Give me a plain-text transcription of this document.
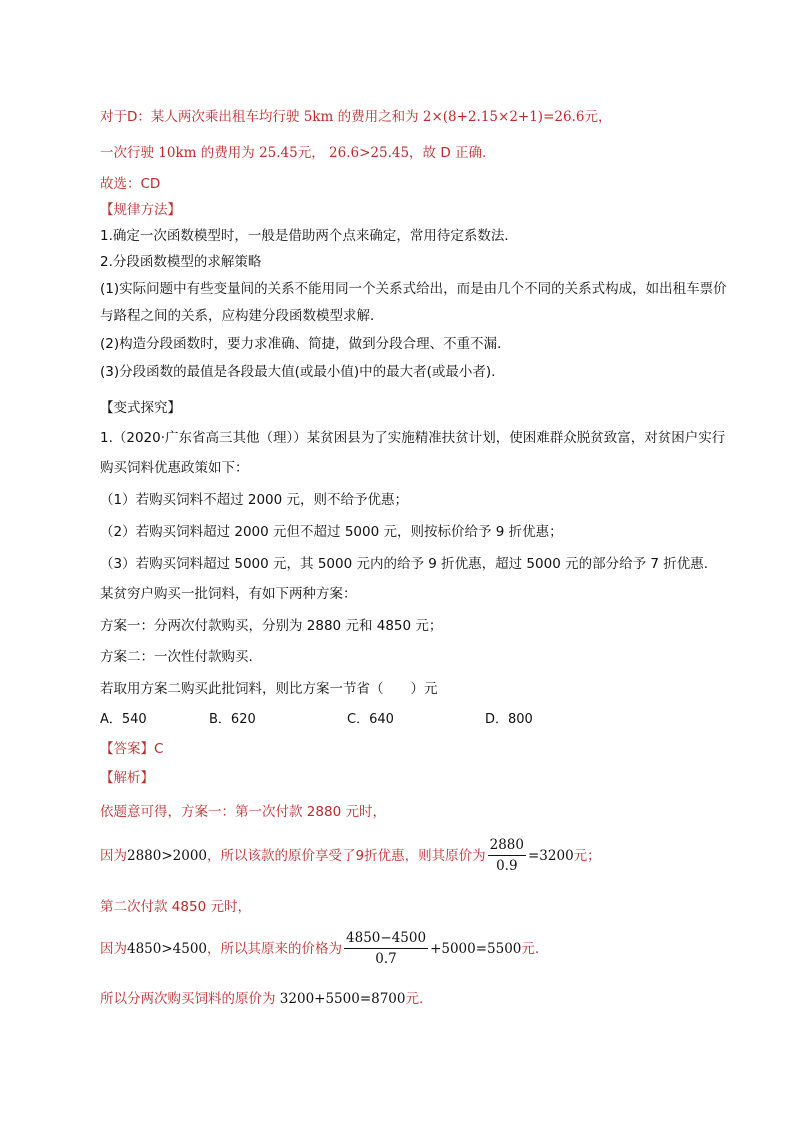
对于D：某人两次乘出租车均行驶 5km 的费用之和为 2×(8+2.15×2+1)=26.6元，
一次行驶 10km 的费用为 25.45元， 26.6>25.45，故 D 正确.
故选：CD
【规律方法】
1.确定一次函数模型时，一般是借助两个点来确定，常用待定系数法．
2.分段函数模型的求解策略
(1)实际问题中有些变量间的关系不能用同一个关系式给出，而是由几个不同的关系式构成，如出租车票价
与路程之间的关系，应构建分段函数模型求解．
(2)构造分段函数时，要力求准确、简捷，做到分段合理、不重不漏．
(3)分段函数的最值是各段最大值(或最小值)中的最大者(或最小者)．
【变式探究】
1.（2020·广东省高三其他（理））某贫困县为了实施精准扶贫计划，使困难群众脱贫致富，对贫困户实行
购买饲料优惠政策如下：
（1）若购买饲料不超过 2000 元，则不给予优惠；
（2）若购买饲料超过 2000 元但不超过 5000 元，则按标价给予 9 折优惠；
（3）若购买饲料超过 5000 元，其 5000 元内的给予 9 折优惠，超过 5000 元的部分给予 7 折优惠.
某贫穷户购买一批饲料，有如下两种方案：
方案一：分两次付款购买，分别为 2880 元和 4850 元；
方案二：一次性付款购买.
若取用方案二购买此批饲料，则比方案一节省（　　）元
A．540	B．620	C．640	D．800
【答案】C
【解析】
依题意可得，方案一：第一次付款 2880 元时，
因为 2880>2000 ，所以该款的原价享受了 9 折优惠，则其原价为 $\frac{2880}{0.9} =3200$ 元；
第二次付款 4850 元时，
因为 4850>4500 ，所以其原来的价格为 $\frac{4850-4500}{0.7} +5000=5500$ 元.
所以分两次购买饲料的原价为 3200+5500=8700元.
